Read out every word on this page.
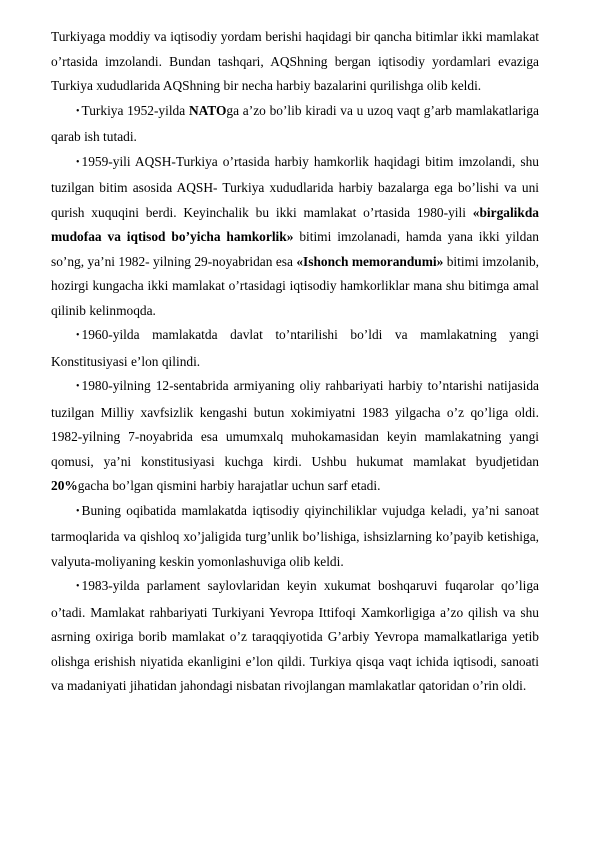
Turkiyaga moddiy va iqtisodiy yordam berishi haqidagi bir qancha bitimlar ikki mamlakat o’rtasida imzolandi. Bundan tashqari, AQShning bergan iqtisodiy yordamlari evaziga Turkiya xududlarida AQShning bir necha harbiy bazalarini qurilishga olib keldi.

• Turkiya 1952-yilda NATOga a’zo bo’lib kiradi va u uzoq vaqt g’arb mamlakatlariga qarab ish tutadi.

• 1959-yili AQSH-Turkiya o’rtasida harbiy hamkorlik haqidagi bitim imzolandi, shu tuzilgan bitim asosida AQSH- Turkiya xududlarida harbiy bazalarga ega bo’lishi va uni qurish xuquqini berdi. Keyinchalik bu ikki mamlakat o’rtasida 1980-yili «birgalikda mudofaa va iqtisod bo’yicha hamkorlik» bitimi imzolanadi, hamda yana ikki yildan so’ng, ya’ni 1982- yilning 29-noyabridan esa «Ishonch memorandumi» bitimi imzolanib, hozirgi kungacha ikki mamlakat o’rtasidagi iqtisodiy hamkorliklar mana shu bitimga amal qilinib kelinmoqda.

• 1960-yilda mamlakatda davlat to’ntarilishi bo’ldi va mamlakatning yangi Konstitusiyasi e’lon qilindi.

• 1980-yilning 12-sentabrida armiyaning oliy rahbariyati harbiy to’ntarishi natijasida tuzilgan Milliy xavfsizlik kengashi butun xokimiyatni 1983 yilgacha o’z qo’liga oldi. 1982-yilning 7-noyabrida esa umumxalq muhokamasidan keyin mamlakatning yangi qomusi, ya’ni konstitusiyasi kuchga kirdi. Ushbu hukumat mamlakat byudjetidan 20%gacha bo’lgan qismini harbiy harajatlar uchun sarf etadi.

• Buning oqibatida mamlakatda iqtisodiy qiyinchiliklar vujudga keladi, ya’ni sanoat tarmoqlarida va qishloq xo’jaligida turg’unlik bo’lishiga, ishsizlarning ko’payib ketishiga, valyuta-moliyaning keskin yomonlashuviga olib keldi.

• 1983-yilda parlament saylovlaridan keyin xukumat boshqaruvi fuqarolar qo’liga o’tadi. Mamlakat rahbariyati Turkiyani Yevropa Ittifoqi Xamkorligiga a’zo qilish va shu asrning oxiriga borib mamlakat o’z taraqqiyotida G’arbiy Yevropa mamalkatlariga yetib olishga erishish niyatida ekanligini e’lon qildi. Turkiya qisqa vaqt ichida iqtisodi, sanoati va madaniyati jihatidan jahondagi nisbatan rivojlangan mamlakatlar qatoridan o’rin oldi.
